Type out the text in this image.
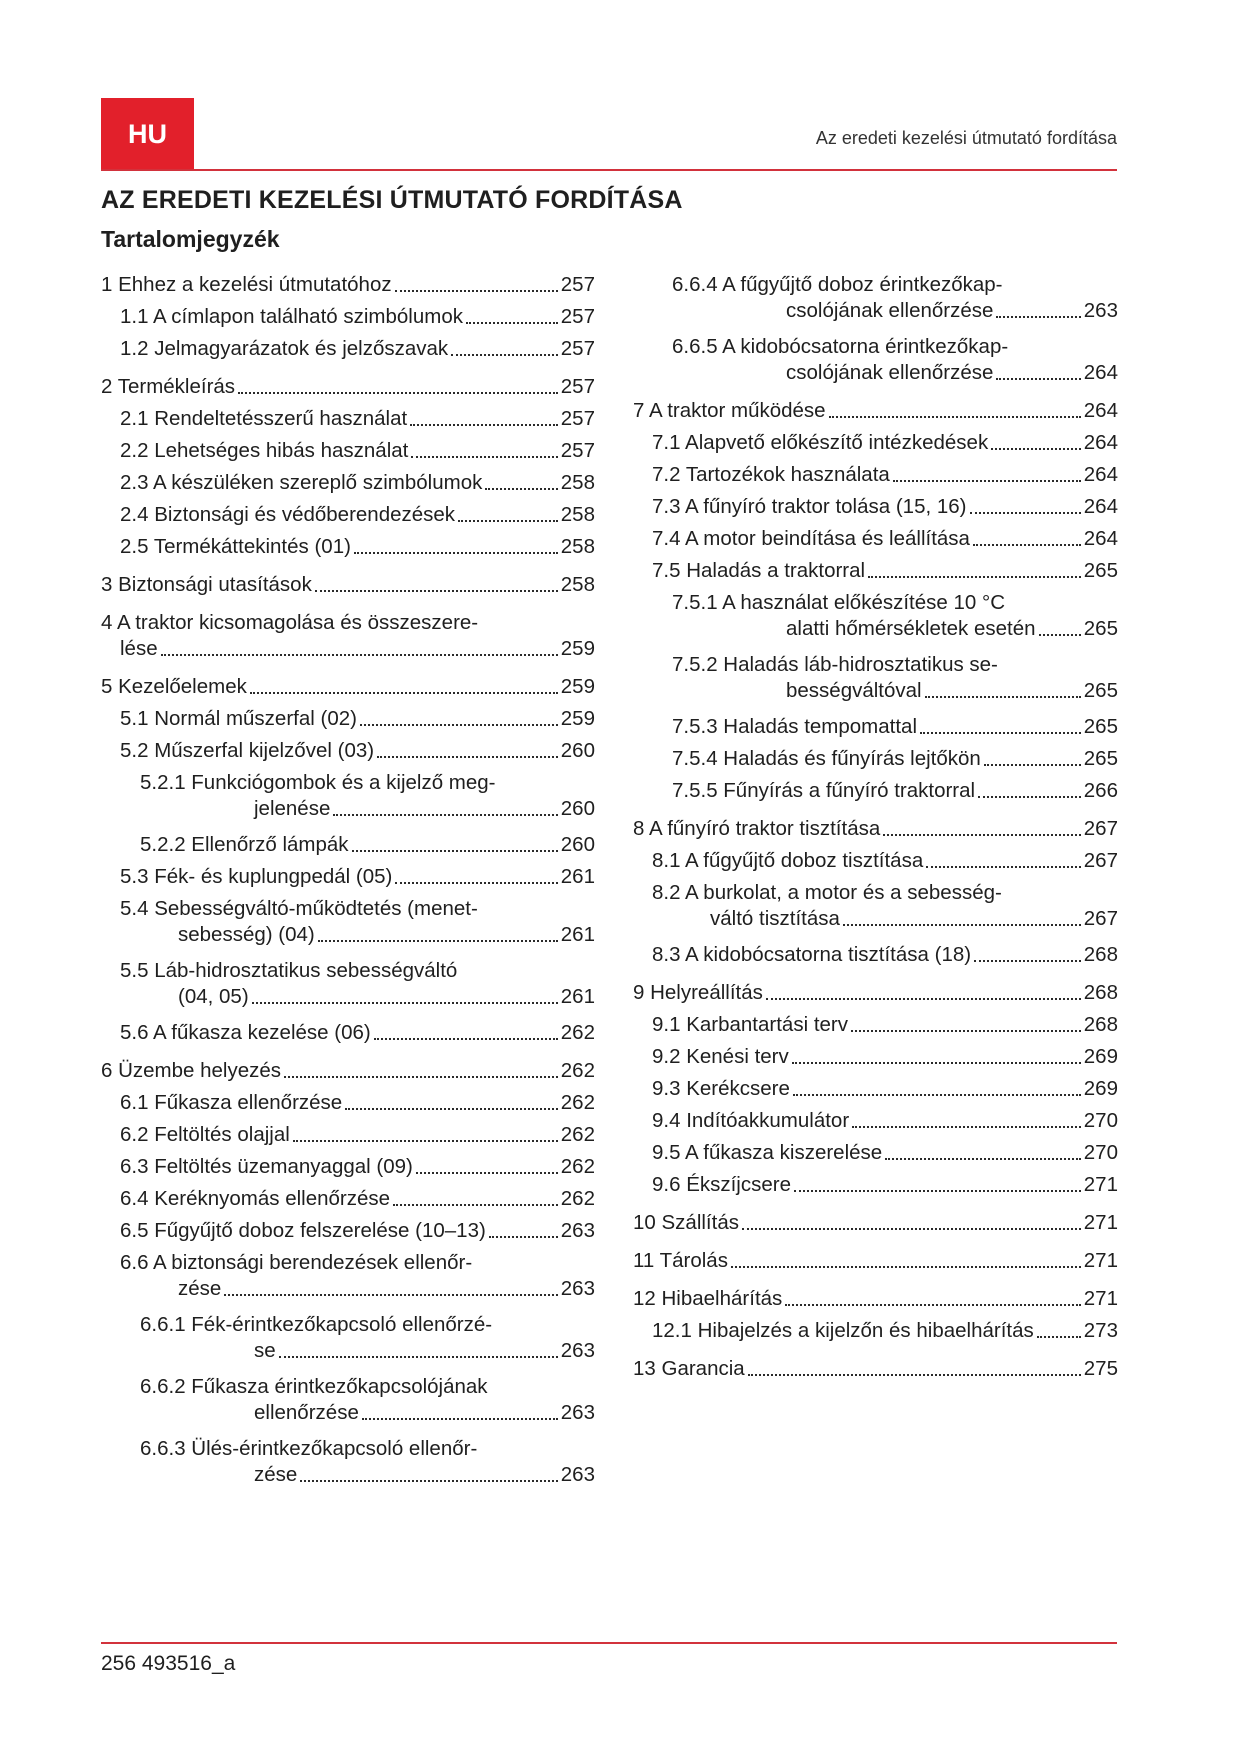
HU	Az eredeti kezelési útmutató fordítása
AZ EREDETI KEZELÉSI ÚTMUTATÓ FORDÍTÁSA
Tartalomjegyzék
1 Ehhez a kezelési útmutatóhoz	257
1.1 A címlapon található szimbólumok	257
1.2 Jelmagyarázatok és jelzőszavak	257
2 Termékleírás	257
2.1 Rendeltetésszerű használat	257
2.2 Lehetséges hibás használat	257
2.3 A készüléken szereplő szimbólumok	258
2.4 Biztonsági és védőberendezések	258
2.5 Termékáttekintés (01)	258
3 Biztonsági utasítások	258
4 A traktor kicsomagolása és összeszere-
lése	259
5 Kezelőelemek	259
5.1 Normál műszerfal (02)	259
5.2 Műszerfal kijelzővel (03)	260
5.2.1 Funkciógombok és a kijelző meg-
jelenése	260
5.2.2 Ellenőrző lámpák	260
5.3 Fék- és kuplungpedál (05)	261
5.4 Sebességváltó-működtetés (menet-
sebesség) (04)	261
5.5 Láb-hidrosztatikus sebességváltó
(04, 05)	261
5.6 A fűkasza kezelése (06)	262
6 Üzembe helyezés	262
6.1 Fűkasza ellenőrzése	262
6.2 Feltöltés olajjal	262
6.3 Feltöltés üzemanyaggal (09)	262
6.4 Keréknyomás ellenőrzése	262
6.5 Fűgyűjtő doboz felszerelése (10–13)	263
6.6 A biztonsági berendezések ellenőr-
zése	263
6.6.1 Fék-érintkezőkapcsoló ellenőrzé-
se	263
6.6.2 Fűkasza érintkezőkapcsolójának
ellenőrzése	263
6.6.3 Ülés-érintkezőkapcsoló ellenőr-
zése	263
6.6.4 A fűgyűjtő doboz érintkezőkap-
csolójának ellenőrzése	263
6.6.5 A kidobócsatorna érintkezőkap-
csolójának ellenőrzése	264
7 A traktor működése	264
7.1 Alapvető előkészítő intézkedések	264
7.2 Tartozékok használata	264
7.3 A fűnyíró traktor tolása (15, 16)	264
7.4 A motor beindítása és leállítása	264
7.5 Haladás a traktorral	265
7.5.1 A használat előkészítése 10 °C
alatti hőmérsékletek esetén 265
7.5.2 Haladás láb-hidrosztatikus se-
bességváltóval	265
7.5.3 Haladás tempomattal	265
7.5.4 Haladás és fűnyírás lejtőkön	265
7.5.5 Fűnyírás a fűnyíró traktorral	266
8 A fűnyíró traktor tisztítása	267
8.1 A fűgyűjtő doboz tisztítása	267
8.2 A burkolat, a motor és a sebesség-
váltó tisztítása	267
8.3 A kidobócsatorna tisztítása (18)	268
9 Helyreállítás	268
9.1 Karbantartási terv	268
9.2 Kenési terv	269
9.3 Kerékcsere	269
9.4 Indítóakkumulátor	270
9.5 A fűkasza kiszerelése	270
9.6 Ékszíjcsere	271
10 Szállítás	271
11 Tárolás	271
12 Hibaelhárítás	271
12.1 Hibajelzés a kijelzőn és hibaelhárítás 273
13 Garancia	275
256 493516_a
